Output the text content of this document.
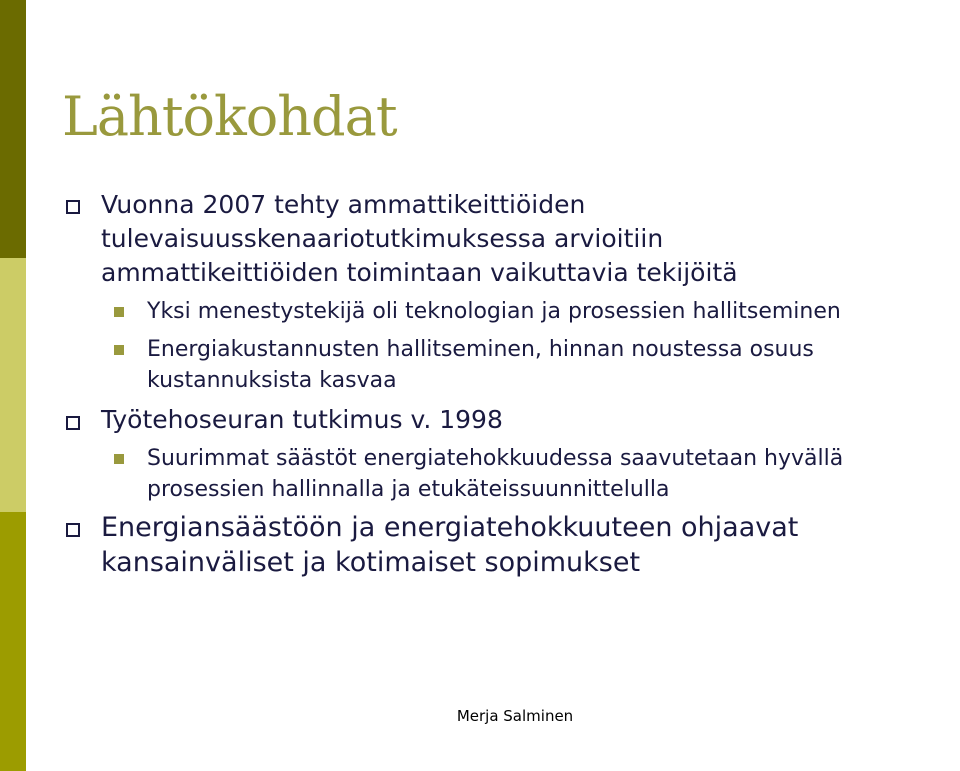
Lähtökohdat
Vuonna 2007 tehty ammattikeittiöiden
tulevaisuusskenaariotutkimuksessa arvioitiin
ammattikeittiöiden toimintaan vaikuttavia tekijöitä
Yksi menestystekijä oli teknologian ja prosessien hallitseminen
Energiakustannusten hallitseminen, hinnan noustessa osuus
kustannuksista kasvaa
Työtehoseuran tutkimus v. 1998
Suurimmat säästöt energiatehokkuudessa saavutetaan hyvällä
prosessien hallinnalla ja etukäteissuunnittelulla
Energiansäästöön ja energiatehokkuuteen ohjaavat
kansainväliset ja kotimaiset sopimukset
Merja Salminen
